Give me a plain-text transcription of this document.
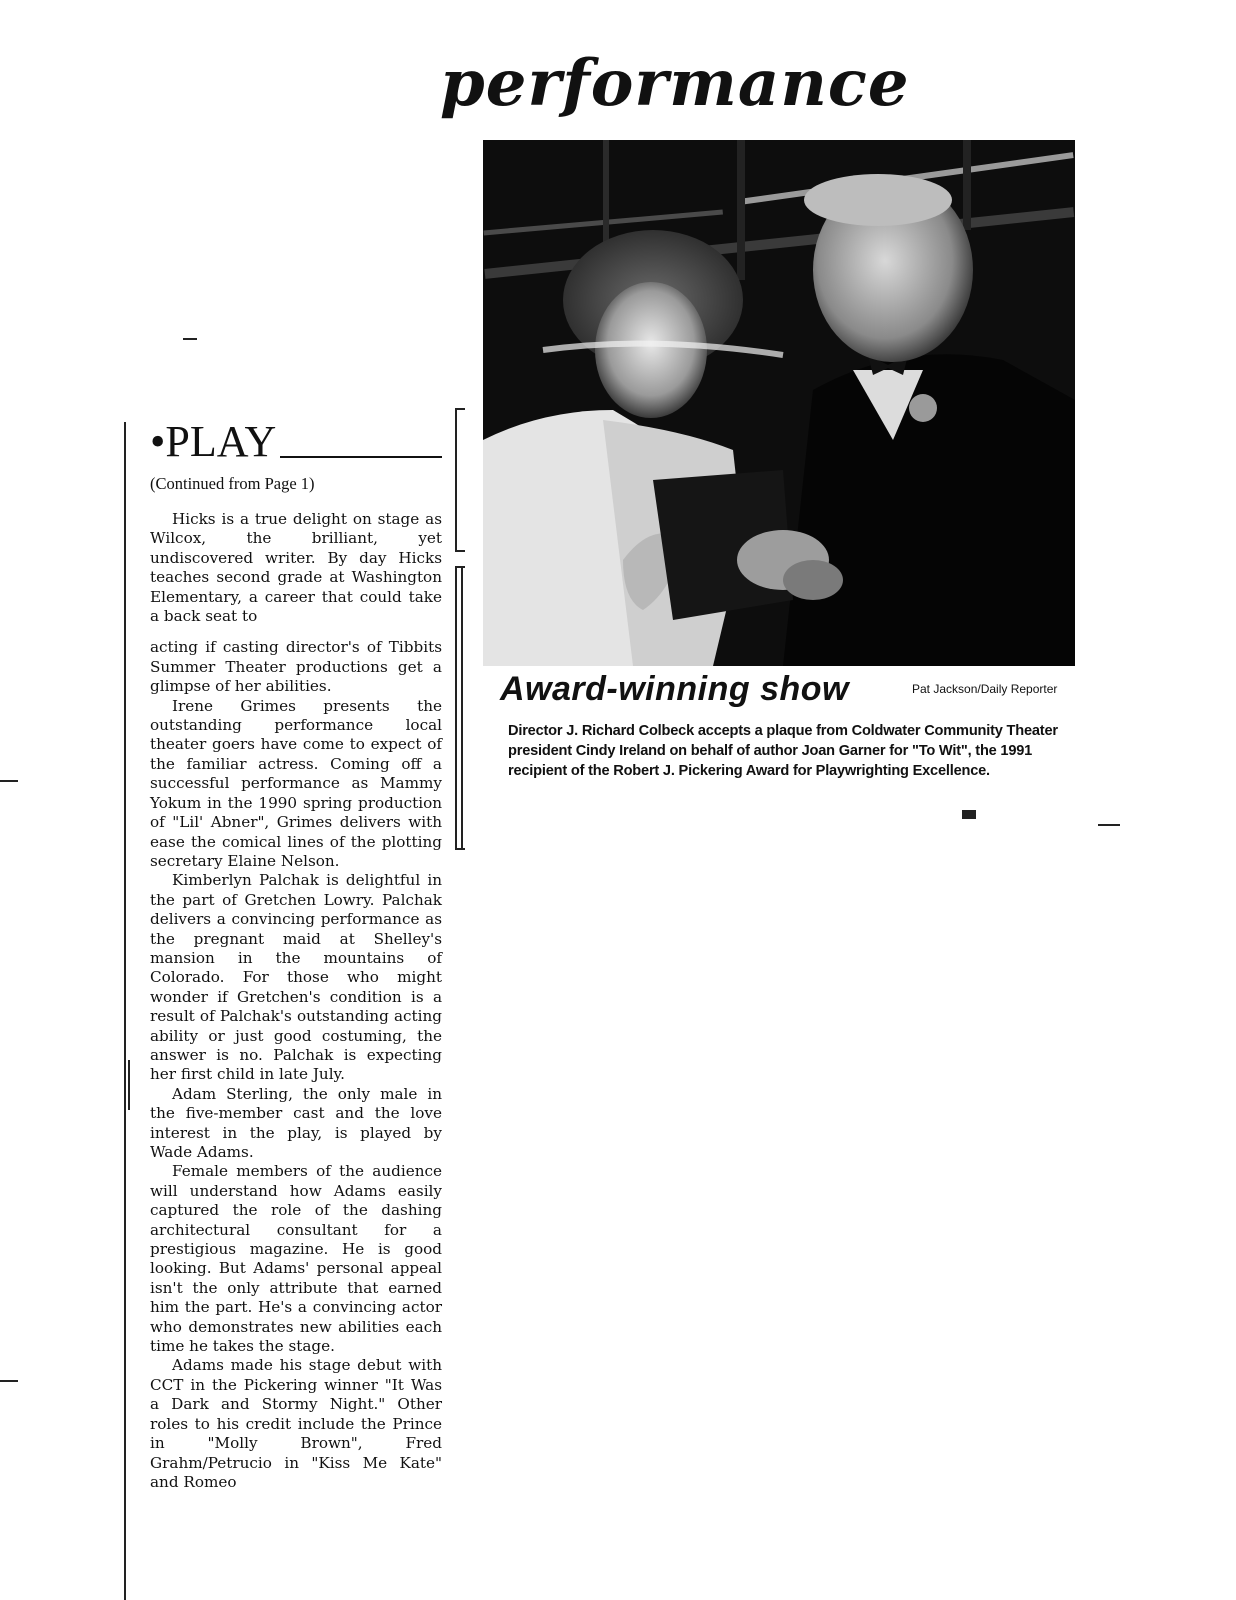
performance
•PLAY
(Continued from Page 1)

Hicks is a true delight on stage as Wilcox, the brilliant, yet undiscovered writer. By day Hicks teaches second grade at Washington Elementary, a career that could take a back seat to

acting if casting director's of Tibbits Summer Theater productions get a glimpse of her abilities.

Irene Grimes presents the outstanding performance local theater goers have come to expect of the familiar actress. Coming off a successful performance as Mammy Yokum in the 1990 spring production of "Lil' Abner", Grimes delivers with ease the comical lines of the plotting secretary Elaine Nelson.

Kimberlyn Palchak is delightful in the part of Gretchen Lowry. Palchak delivers a convincing performance as the pregnant maid at Shelley's mansion in the mountains of Colorado. For those who might wonder if Gretchen's condition is a result of Palchak's outstanding acting ability or just good costuming, the answer is no. Palchak is expecting her first child in late July.

Adam Sterling, the only male in the five-member cast and the love interest in the play, is played by Wade Adams.

Female members of the audience will understand how Adams easily captured the role of the dashing architectural consultant for a prestigious magazine. He is good looking. But Adams' personal appeal isn't the only attribute that earned him the part. He's a convincing actor who demonstrates new abilities each time he takes the stage.

Adams made his stage debut with CCT in the Pickering winner "It Was a Dark and Stormy Night." Other roles to his credit include the Prince in "Molly Brown", Fred Grahm/Petrucio in "Kiss Me Kate" and Romeo

Pat Jackson/Daily Reporter
Award-winning show
Director J. Richard Colbeck accepts a plaque from Coldwater Community Theater president Cindy Ireland on behalf of author Joan Garner for "To Wit", the 1991 recipient of the Robert J. Pickering Award for Playwrighting Excellence.
